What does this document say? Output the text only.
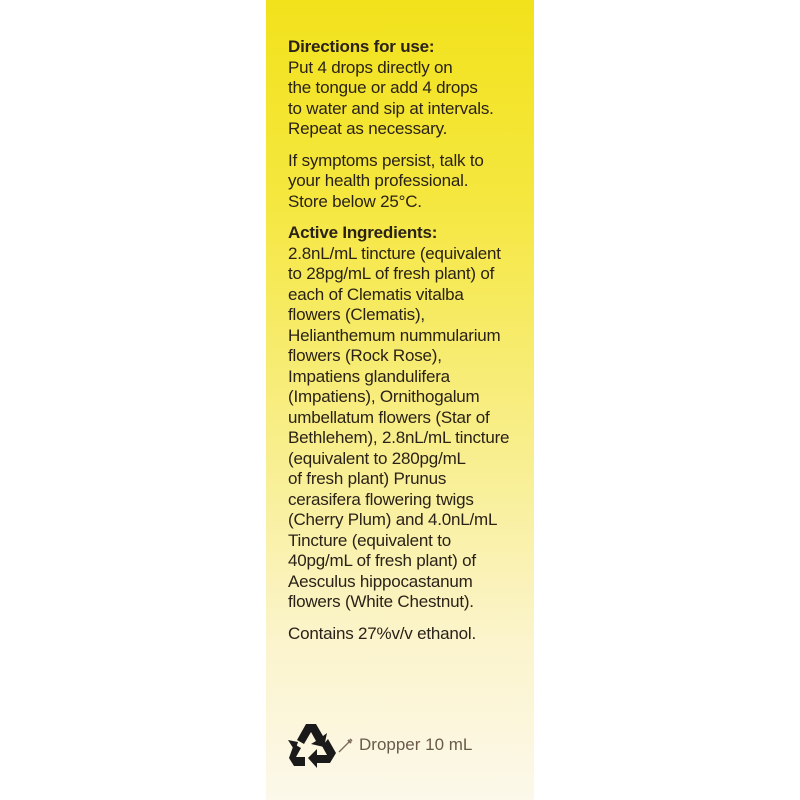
Directions for use:

Put 4 drops directly on

the tongue or add 4 drops

to water and sip at intervals.

Repeat as necessary.

If symptoms persist, talk to

your health professional.

Store below 25°C.

Active Ingredients:

2.8nL/mL tincture (equivalent

to 28pg/mL of fresh plant) of

each of Clematis vitalba

flowers (Clematis),

Helianthemum nummularium

flowers (Rock Rose),

Impatiens glandulifera

(Impatiens), Ornithogalum

umbellatum flowers (Star of

Bethlehem), 2.8nL/mL tincture

(equivalent to 280pg/mL

of fresh plant) Prunus

cerasifera flowering twigs

(Cherry Plum) and 4.0nL/mL

Tincture (equivalent to

40pg/mL of fresh plant) of

Aesculus hippocastanum

flowers (White Chestnut).

Contains 27%v/v ethanol.

Dropper 10 mL
